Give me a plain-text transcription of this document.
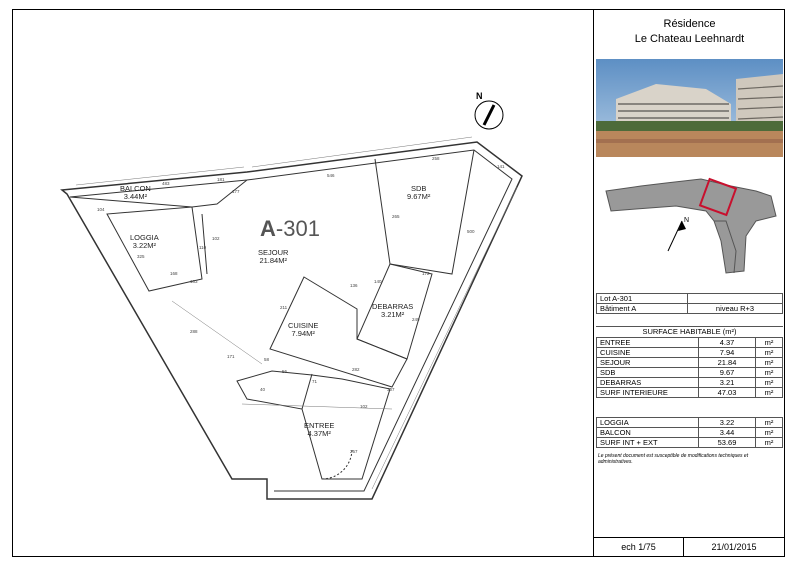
N
A-301
BALCON
3.44M²
LOGGIA
3.22M²
SEJOUR
21.84M²
SDB
9.67M²
DEBARRAS
3.21M²
CUISINE
7.94M²
ENTREE
4.37M²
483
181
177
546
258
141
104
325
110
102
168
183
288
211
136
140
172
249
171
58
56
71
40
282
102
257
307
265
500
Résidence
Le Chateau Leehnardt
N
Lot A-301	
Bâtiment A	niveau R+3
SURFACE HABITABLE (m²)
ENTREE	4.37	m²
CUISINE	7.94	m²
SEJOUR	21.84	m²
SDB	9.67	m²
DEBARRAS	3.21	m²
SURF INTERIEURE	47.03	m²
LOGGIA	3.22	m²
BALCON	3.44	m²
SURF INT + EXT	53.69	m²
Le présent document est susceptible de modifications techniques et administratives.
ech 1/75	21/01/2015
